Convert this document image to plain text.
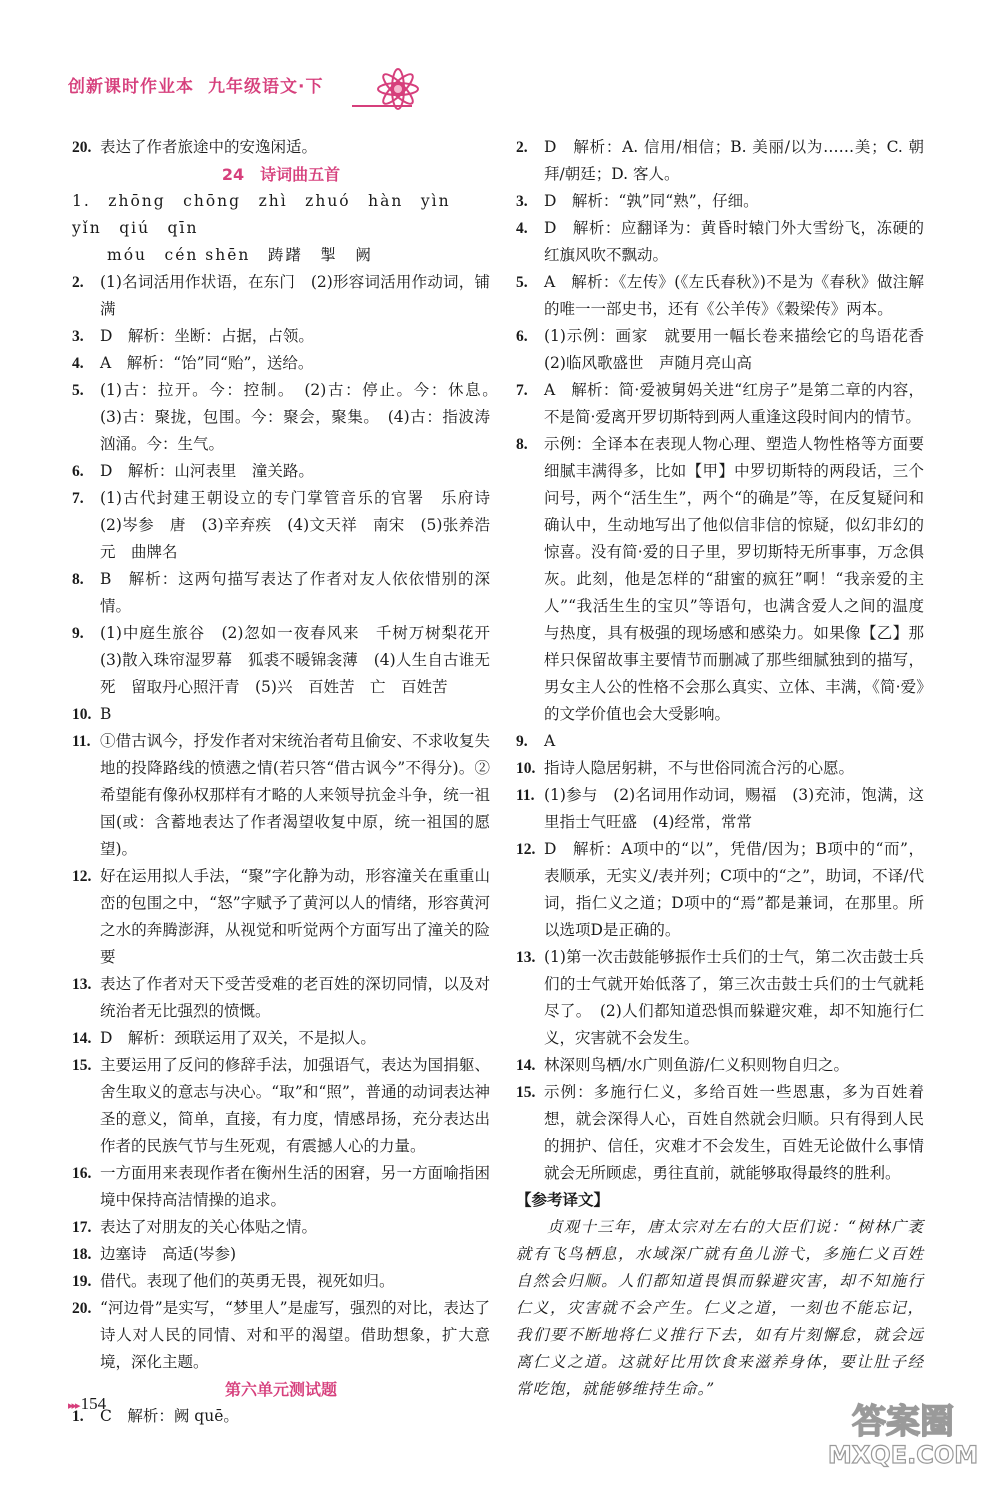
创新课时作业本 九年级语文·下
20. 表达了作者旅途中的安逸闲适。
24　诗词曲五首
1.　zhōng　chōng　zhì　zhuó　hàn　yìn　yǐn　qiú　qīn
　　móu　cén shēn　踌躇　掣　阙
2.	(1)名词活用作状语，在东门　(2)形容词活用作动词，铺满
3.	D　解析：坐断：占据，占领。
4.	A　解析：“饴”同“贻”，送给。
5.	(1)古：拉开。今：控制。　(2)古：停止。今：休息。　(3)古：聚拢，包围。今：聚会，聚集。　(4)古：指波涛汹涌。今：生气。
6.	D　解析：山河表里　潼关路。
7.	(1)古代封建王朝设立的专门掌管音乐的官署　乐府诗　(2)岑参　唐　(3)辛弃疾　(4)文天祥　南宋　(5)张养浩　元　曲牌名
8.	B　解析：这两句描写表达了作者对友人依依惜别的深情。
9.	(1)中庭生旅谷　(2)忽如一夜春风来　千树万树梨花开　(3)散入珠帘湿罗幕　狐裘不暖锦衾薄　(4)人生自古谁无死　留取丹心照汗青　(5)兴　百姓苦　亡　百姓苦
10. B
11. ①借古讽今，抒发作者对宋统治者苟且偷安、不求收复失地的投降路线的愤懑之情(若只答“借古讽今”不得分)。②希望能有像孙权那样有才略的人来领导抗金斗争，统一祖国(或：含蓄地表达了作者渴望收复中原，统一祖国的愿望)。
12. 好在运用拟人手法，“聚”字化静为动，形容潼关在重重山峦的包围之中，“怒”字赋予了黄河以人的情绪，形容黄河之水的奔腾澎湃，从视觉和听觉两个方面写出了潼关的险要
13. 表达了作者对天下受苦受难的老百姓的深切同情，以及对统治者无比强烈的愤慨。
14. D　解析：颈联运用了双关，不是拟人。
15. 主要运用了反问的修辞手法，加强语气，表达为国捐躯、舍生取义的意志与决心。“取”和“照”，普通的动词表达神圣的意义，简单，直接，有力度，情感昂扬，充分表达出作者的民族气节与生死观，有震撼人心的力量。
16. 一方面用来表现作者在衡州生活的困窘，另一方面喻指困境中保持高洁情操的追求。
17. 表达了对朋友的关心体贴之情。
18. 边塞诗　高适(岑参)
19. 借代。表现了他们的英勇无畏，视死如归。
20. “河边骨”是实写，“梦里人”是虚写，强烈的对比，表达了诗人对人民的同情、对和平的渴望。借助想象，扩大意境，深化主题。
第六单元测试题
1.	C　解析：阙 quē。
2.	D　解析：A. 信用/相信；B. 美丽/以为……美；C. 朝拜/朝廷；D. 客人。
3.	D　解析：“孰”同“熟”，仔细。
4.	D　解析：应翻译为：黄昏时辕门外大雪纷飞，冻硬的红旗风吹不飘动。
5.	A　解析：《左传》(《左氏春秋》)不是为《春秋》做注解的唯一一部史书，还有《公羊传》《穀梁传》两本。
6.	(1)示例：画家　就要用一幅长卷来描绘它的鸟语花香　(2)临风歌盛世　声随月亮山高
7.	A　解析：简·爱被舅妈关进“红房子”是第二章的内容，不是简·爱离开罗切斯特到两人重逢这段时间内的情节。
8.	示例：全译本在表现人物心理、塑造人物性格等方面要细腻丰满得多，比如【甲】中罗切斯特的两段话，三个问号，两个“活生生”，两个“的确是”等，在反复疑问和确认中，生动地写出了他似信非信的惊疑，似幻非幻的惊喜。没有简·爱的日子里，罗切斯特无所事事，万念俱灰。此刻，他是怎样的“甜蜜的疯狂”啊！“我亲爱的主人”“我活生生的宝贝”等语句，也满含爱人之间的温度与热度，具有极强的现场感和感染力。如果像【乙】那样只保留故事主要情节而删减了那些细腻独到的描写，男女主人公的性格不会那么真实、立体、丰满，《简·爱》的文学价值也会大受影响。
9.	A
10. 指诗人隐居躬耕，不与世俗同流合污的心愿。
11. (1)参与　(2)名词用作动词，赐福　(3)充沛，饱满，这里指士气旺盛　(4)经常，常常
12. D　解析：A项中的“以”，凭借/因为；B项中的“而”，表顺承，无实义/表并列；C项中的“之”，助词，不译/代词，指仁义之道；D项中的“焉”都是兼词，在那里。所以选项D是正确的。
13. (1)第一次击鼓能够振作士兵们的士气，第二次击鼓士兵们的士气就开始低落了，第三次击鼓士兵们的士气就耗尽了。　(2)人们都知道恐惧而躲避灾难，却不知施行仁义，灾害就不会发生。
14. 林深则鸟栖/水广则鱼游/仁义积则物自归之。
15. 示例：多施行仁义，多给百姓一些恩惠，多为百姓着想，就会深得人心，百姓自然就会归顺。只有得到人民的拥护、信任，灾难才不会发生，百姓无论做什么事情就会无所顾虑，勇往直前，就能够取得最终的胜利。
【参考译文】
贞观十三年，唐太宗对左右的大臣们说：“树林广袤就有飞鸟栖息，水域深广就有鱼儿游弋，多施仁义百姓自然会归顺。人们都知道畏惧而躲避灾害，却不知施行仁义，灾害就不会产生。仁义之道，一刻也不能忘记，我们要不断地将仁义推行下去，如有片刻懈怠，就会远离仁义之道。这就好比用饮食来滋养身体，要让肚子经常吃饱，就能够维持生命。”
▸▸▸ 154	答案圈
MXQE.COM
